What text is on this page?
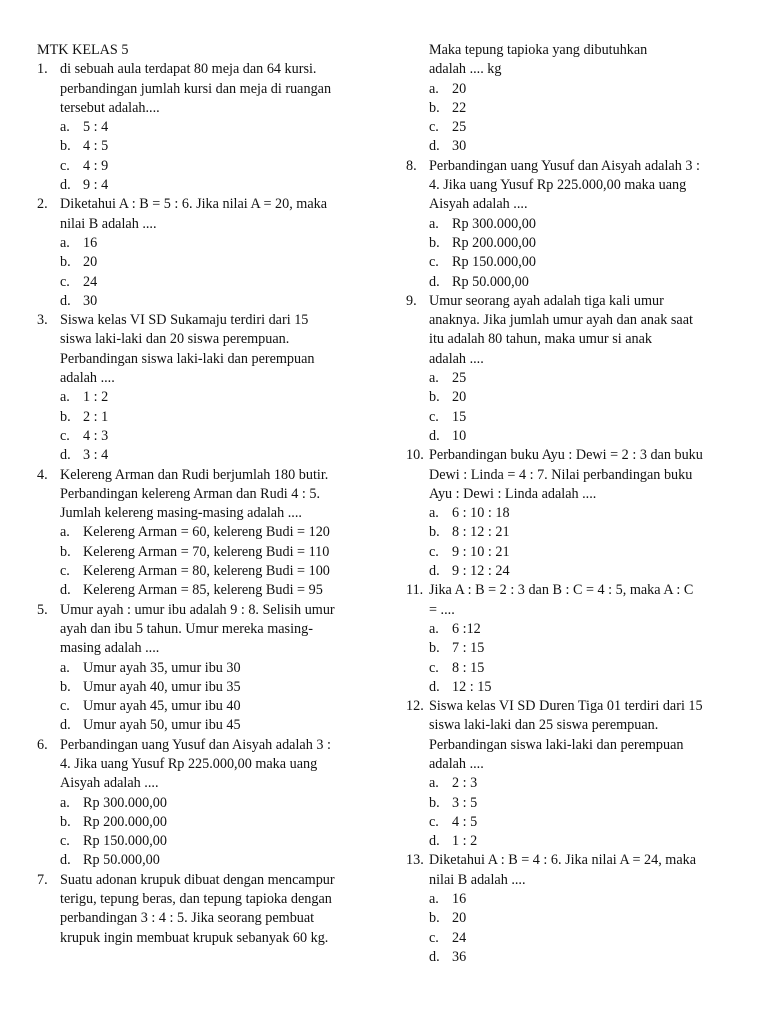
MTK KELAS 5
1. di sebuah aula terdapat 80 meja dan 64 kursi.
perbandingan jumlah kursi dan meja di ruangan
tersebut adalah....
a. 5 : 4
b. 4 : 5
c. 4 : 9
d. 9 : 4
2. Diketahui A : B = 5 : 6. Jika nilai A = 20, maka
nilai B adalah ....
a. 16
b. 20
c. 24
d. 30
3. Siswa kelas VI SD Sukamaju terdiri dari 15
siswa laki-laki dan 20 siswa perempuan.
Perbandingan siswa laki-laki dan perempuan
adalah ....
a. 1 : 2
b. 2 : 1
c. 4 : 3
d. 3 : 4
4. Kelereng Arman dan Rudi berjumlah 180 butir.
Perbandingan kelereng Arman dan Rudi 4 : 5.
Jumlah kelereng masing-masing adalah ....
a. Kelereng Arman = 60, kelereng Budi = 120
b. Kelereng Arman = 70, kelereng Budi = 110
c. Kelereng Arman = 80, kelereng Budi = 100
d. Kelereng Arman = 85, kelereng Budi = 95
5. Umur ayah : umur ibu adalah 9 : 8. Selisih umur
ayah dan ibu 5 tahun. Umur mereka masing-
masing adalah ....
a. Umur ayah 35, umur ibu 30
b. Umur ayah 40, umur ibu 35
c. Umur ayah 45, umur ibu 40
d. Umur ayah 50, umur ibu 45
6. Perbandingan uang Yusuf dan Aisyah adalah 3 :
4. Jika uang Yusuf Rp 225.000,00 maka uang
Aisyah adalah ....
a. Rp 300.000,00
b. Rp 200.000,00
c. Rp 150.000,00
d. Rp 50.000,00
7. Suatu adonan krupuk dibuat dengan mencampur
terigu, tepung beras, dan tepung tapioka dengan
perbandingan 3 : 4 : 5. Jika seorang pembuat
krupuk ingin membuat krupuk sebanyak 60 kg.
Maka tepung tapioka yang dibutuhkan
adalah .... kg
a. 20
b. 22
c. 25
d. 30
8. Perbandingan uang Yusuf dan Aisyah adalah 3 :
4. Jika uang Yusuf Rp 225.000,00 maka uang
Aisyah adalah ....
a. Rp 300.000,00
b. Rp 200.000,00
c. Rp 150.000,00
d. Rp 50.000,00
9. Umur seorang ayah adalah tiga kali umur
anaknya. Jika jumlah umur ayah dan anak saat
itu adalah 80 tahun, maka umur si anak
adalah ....
a. 25
b. 20
c. 15
d. 10
10. Perbandingan buku Ayu : Dewi = 2 : 3 dan buku
Dewi : Linda = 4 : 7. Nilai perbandingan buku
Ayu : Dewi : Linda adalah ....
a. 6 : 10 : 18
b. 8 : 12 : 21
c. 9 : 10 : 21
d. 9 : 12 : 24
11. Jika A : B = 2 : 3 dan B : C = 4 : 5, maka A : C
= ....
a. 6 :12
b. 7 : 15
c. 8 : 15
d. 12 : 15
12. Siswa kelas VI SD Duren Tiga 01 terdiri dari 15
siswa laki-laki dan 25 siswa perempuan.
Perbandingan siswa laki-laki dan perempuan
adalah ....
a. 2 : 3
b. 3 : 5
c. 4 : 5
d. 1 : 2
13. Diketahui A : B = 4 : 6. Jika nilai A = 24, maka
nilai B adalah ....
a. 16
b. 20
c. 24
d. 36
